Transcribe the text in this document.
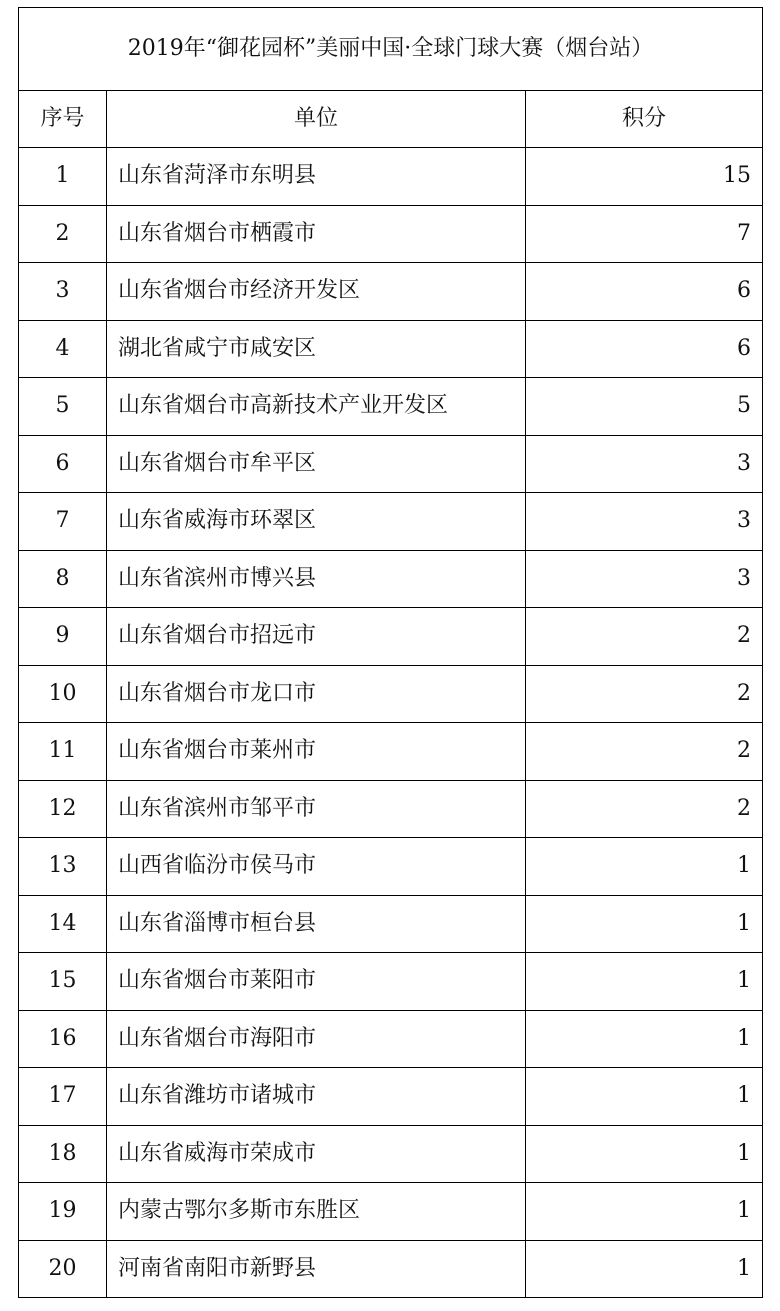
2019年“御花园杯”美丽中国·全球门球大赛（烟台站）		
序号	单位	积分
1	山东省菏泽市东明县	15
2	山东省烟台市栖霞市	7
3	山东省烟台市经济开发区	6
4	湖北省咸宁市咸安区	6
5	山东省烟台市高新技术产业开发区	5
6	山东省烟台市牟平区	3
7	山东省威海市环翠区	3
8	山东省滨州市博兴县	3
9	山东省烟台市招远市	2
10	山东省烟台市龙口市	2
11	山东省烟台市莱州市	2
12	山东省滨州市邹平市	2
13	山西省临汾市侯马市	1
14	山东省淄博市桓台县	1
15	山东省烟台市莱阳市	1
16	山东省烟台市海阳市	1
17	山东省潍坊市诸城市	1
18	山东省威海市荣成市	1
19	内蒙古鄂尔多斯市东胜区	1
20	河南省南阳市新野县	1
